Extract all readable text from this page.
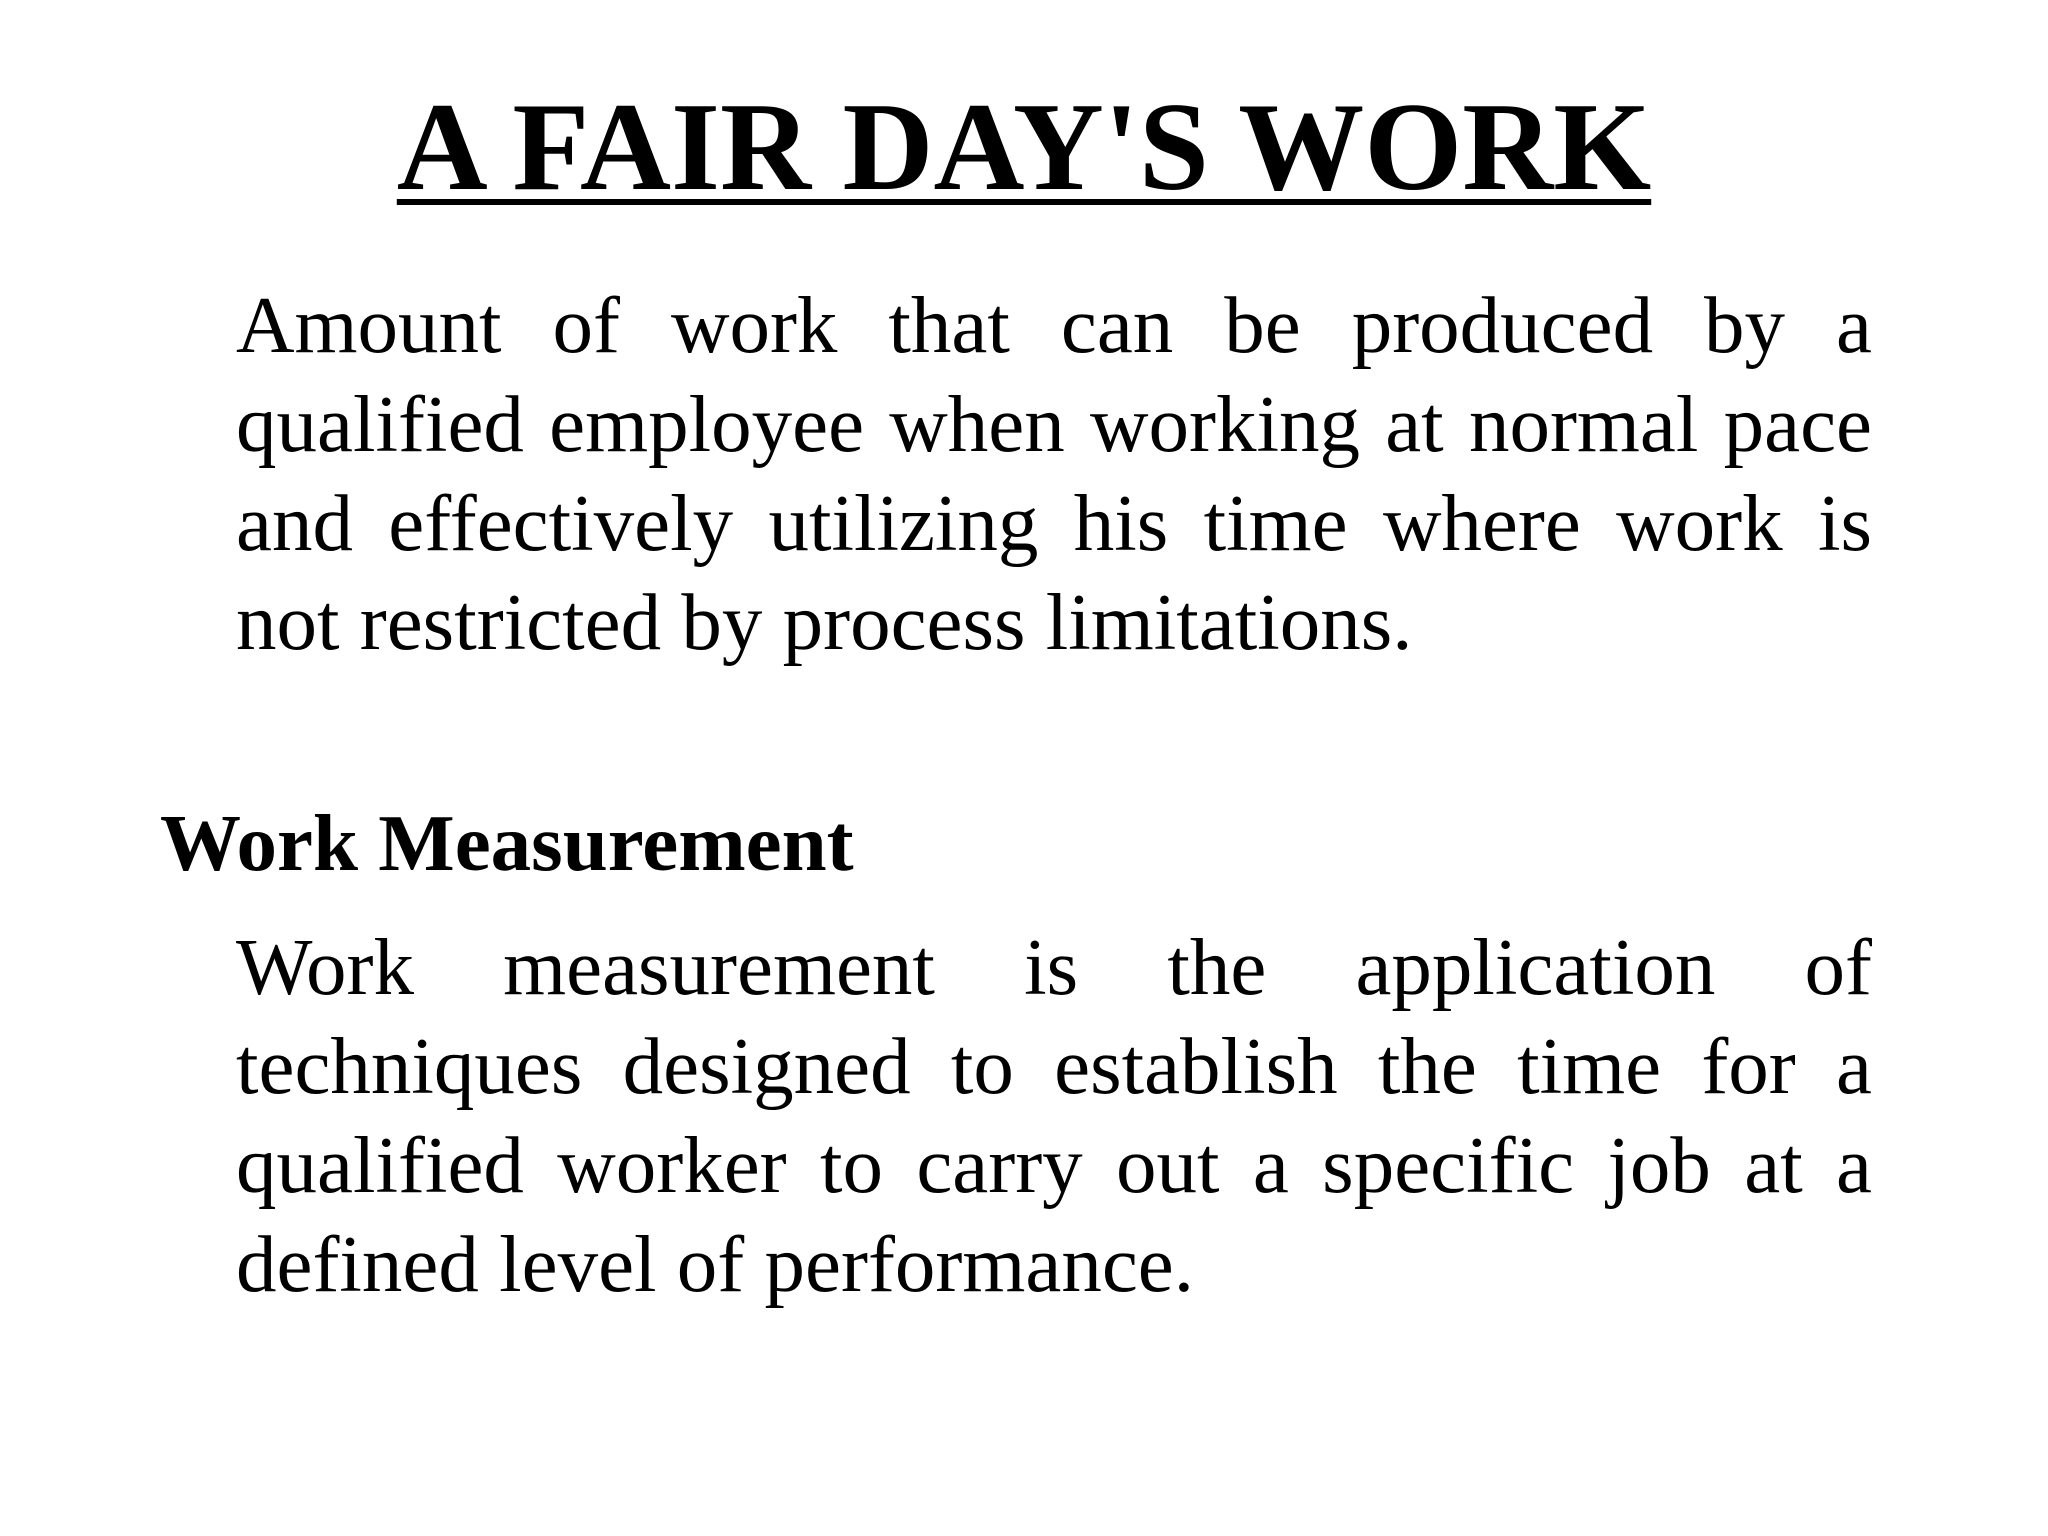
A FAIR DAY'S WORK

Amount of work that can be produced by a qualified employee when working at normal pace and effectively utilizing his time where work is not restricted by process limitations.

Work Measurement

Work measurement is the application of techniques designed to establish the time for a qualified worker to carry out a specific job at a defined level of performance.
